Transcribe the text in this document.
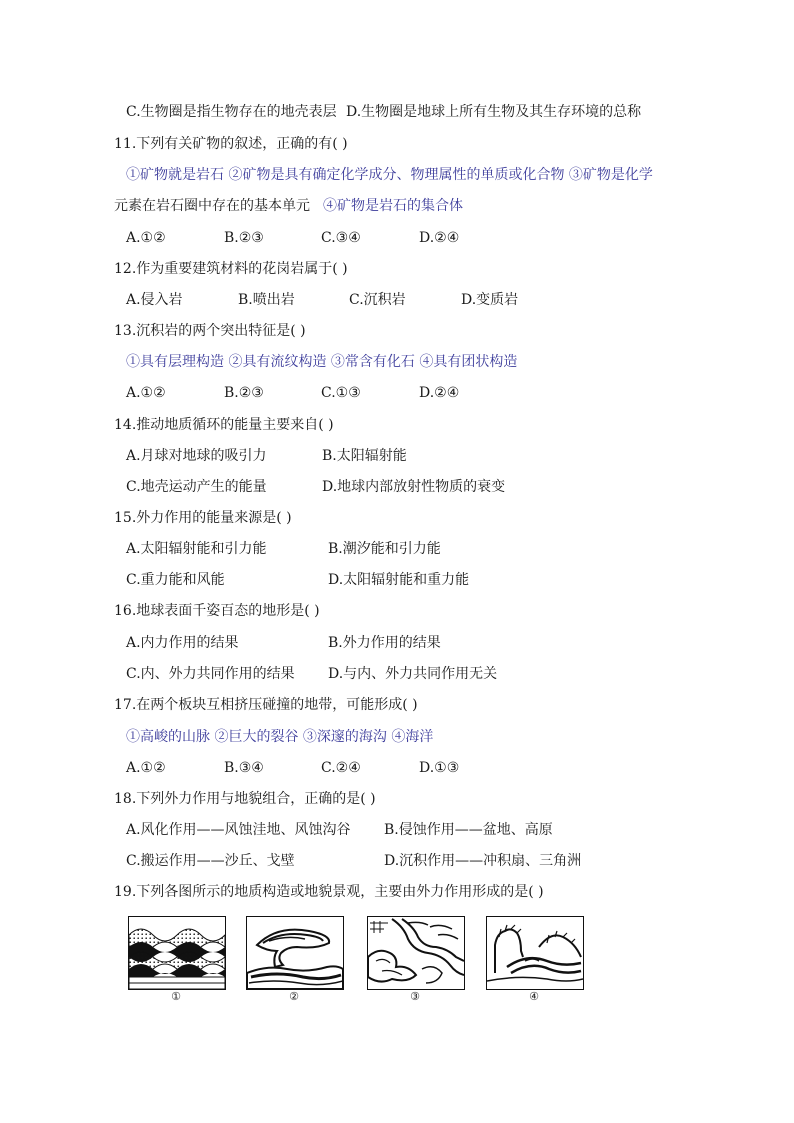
C.生物圈是指生物存在的地壳表层 D.生物圈是地球上所有生物及其生存环境的总称
11.下列有关矿物的叙述，正确的有( )
①矿物就是岩石 ②矿物是具有确定化学成分、物理属性的单质或化合物 ③矿物是化学
元素在岩石圈中存在的基本单元 ④矿物是岩石的集合体
A.①②	B.②③	C.③④	D.②④
12.作为重要建筑材料的花岗岩属于( )
A.侵入岩	B.喷出岩	C.沉积岩	D.变质岩
13.沉积岩的两个突出特征是( )
①具有层理构造 ②具有流纹构造 ③常含有化石 ④具有团状构造
A.①②	B.②③	C.①③	D.②④
14.推动地质循环的能量主要来自( )
A.月球对地球的吸引力	B.太阳辐射能
C.地壳运动产生的能量	D.地球内部放射性物质的衰变
15.外力作用的能量来源是( )
A.太阳辐射能和引力能	B.潮汐能和引力能
C.重力能和风能	D.太阳辐射能和重力能
16.地球表面千姿百态的地形是( )
A.内力作用的结果	B.外力作用的结果
C.内、外力共同作用的结果 D.与内、外力共同作用无关
17.在两个板块互相挤压碰撞的地带，可能形成( )
①高峻的山脉 ②巨大的裂谷 ③深邃的海沟 ④海洋
A.①②	B.③④	C.②④	D.①③
18.下列外力作用与地貌组合，正确的是( )
A.风化作用——风蚀洼地、风蚀沟谷 B.侵蚀作用——盆地、高原
C.搬运作用——沙丘、戈壁	D.沉积作用——冲积扇、三角洲
19.下列各图所示的地质构造或地貌景观，主要由外力作用形成的是( )
①	②	③	④
